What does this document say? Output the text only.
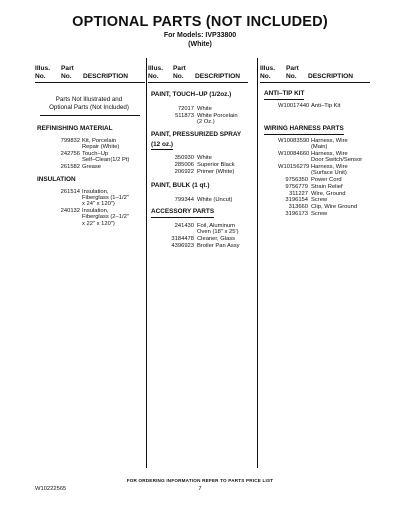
OPTIONAL PARTS (NOT INCLUDED)
For Models: IVP33800
(White)
Illus.
No.
Part
No.	DESCRIPTION
Illus.
No.
Part
No.	DESCRIPTION
Illus.
No.
Part
No.	DESCRIPTION
Parts Not Illustrated and
Optional Parts (Not Included)
REFINISHING MATERIAL
799832 Kit, Porcelain
Repair (White)
242756 Touch–Up
Self–Clean(1/2 Pt)
261582 Grease
INSULATION
261514 Insulation,
Fiberglass (1–1/2"
x 24" x 120")
240132 Insulation,
Fiberglass (2–1/2"
x 22" x 120")
PAINT, TOUCH–UP (1/2oz.)
72017 White
511873 White Porcelain
(2 Oz.)
PAINT, PRESSURIZED SPRAY
(12 oz.)
350930 White
285006 Superior Black
206922 Primer (White)
PAINT, BULK (1 qt.)
799344 White (Uncut)
ACCESSORY PARTS
241430 Foil, Aluminum
Oven (18" x 25')
3184478 Cleaner, Glass
4396923 Broiler Pan Assy
ANTI–TIP KIT
W10017440 Anti–Tip Kit
WIRING HARNESS PARTS
W10083590 Harness, Wire
(Main)
W10084660 Harness, Wire
Door Switch/Sensor
W10156279 Harness, Wire
(Surface Unit)
9756350 Power Cord
9756779 Strain Relief
311227 Wire, Ground
3196154 Screw
313660 Clip, Wire Ground
3196173 Screw
FOR ORDERING INFORMATION REFER TO PARTS PRICE LIST
W10222565	7
